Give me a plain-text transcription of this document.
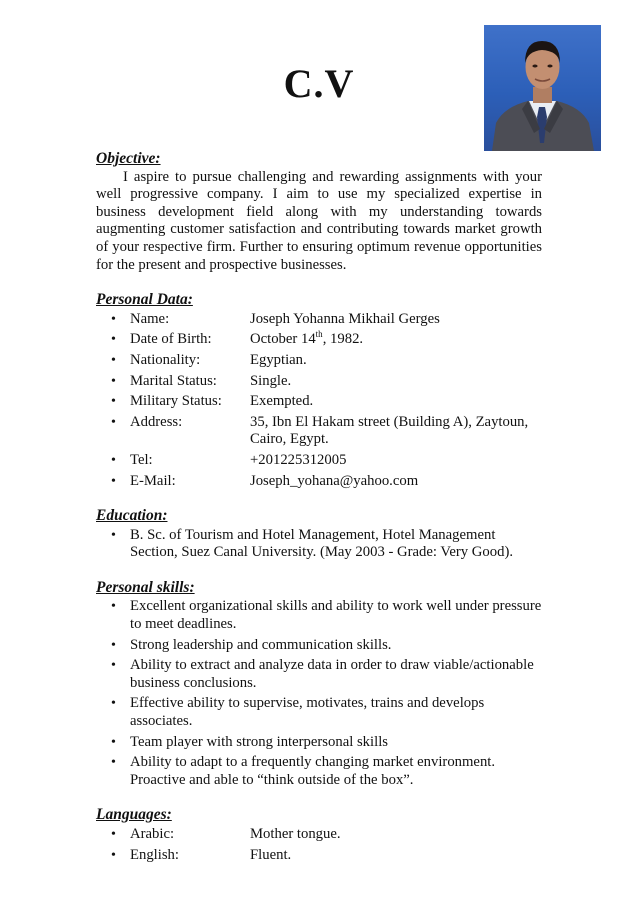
C.V

Objective:

I aspire to pursue challenging and rewarding assignments with your well progressive company. I aim to use my specialized expertise in business development field along with my understanding towards augmenting customer satisfaction and contributing towards market growth of your respective firm. Further to ensuring optimum revenue opportunities for the present and prospective businesses.

Personal Data:

• Name:	Joseph Yohanna Mikhail Gerges
• Date of Birth:	October 14th, 1982.
• Nationality:	Egyptian.
• Marital Status:	Single.
• Military Status:	Exempted.
• Address:	35, Ibn El Hakam street (Building A), Zaytoun,
Cairo, Egypt.
• Tel:	+201225312005
• E-Mail:	Joseph_yohana@yahoo.com

Education:

• B. Sc. of Tourism and Hotel Management, Hotel Management Section, Suez Canal University. (May 2003 - Grade: Very Good).

Personal skills:

• Excellent organizational skills and ability to work well under pressure to meet deadlines.
• Strong leadership and communication skills.
• Ability to extract and analyze data in order to draw viable/actionable business conclusions.
• Effective ability to supervise, motivates, trains and develops associates.
• Team player with strong interpersonal skills
• Ability to adapt to a frequently changing market environment. Proactive and able to “think outside of the box”.

Languages:

• Arabic:	Mother tongue.
• English:	Fluent.
